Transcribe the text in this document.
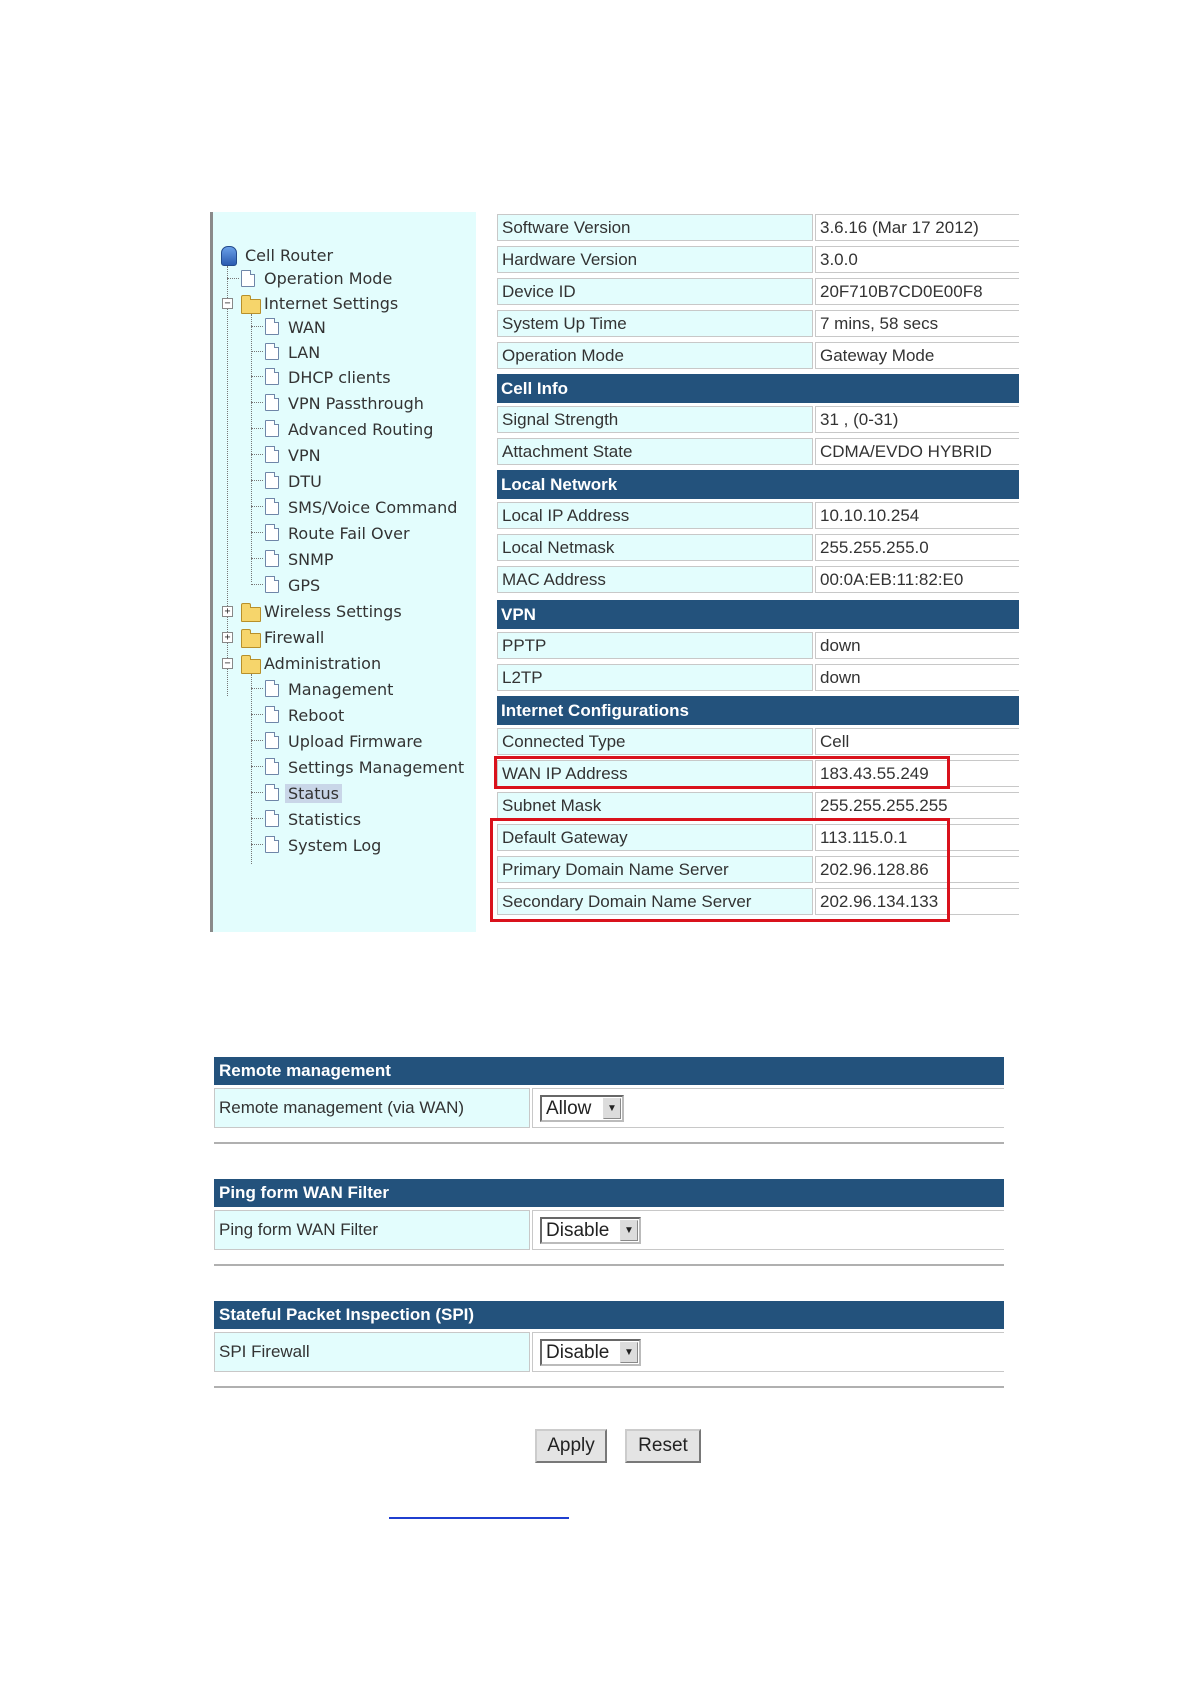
Cell Router
Operation Mode
− Internet Settings
WAN
LAN
DHCP clients
VPN Passthrough
Advanced Routing
VPN
DTU
SMS/Voice Command
Route Fail Over
SNMP
GPS
+ Wireless Settings
+ Firewall
− Administration
Management
Reboot
Upload Firmware
Settings Management
Status
Statistics
System Log
Software Version	3.6.16 (Mar 17 2012)
Hardware Version	3.0.0
Device ID	20F710B7CD0E00F8
System Up Time	7 mins, 58 secs
Operation Mode	Gateway Mode
Cell Info
Signal Strength	31 , (0-31)
Attachment State	CDMA/EVDO HYBRID
Local Network
Local IP Address	10.10.10.254
Local Netmask	255.255.255.0
MAC Address	00:0A:EB:11:82:E0
VPN
PPTP	down
L2TP	down
Internet Configurations
Connected Type	Cell
WAN IP Address	183.43.55.249
Subnet Mask	255.255.255.255
Default Gateway	113.115.0.1
Primary Domain Name Server	202.96.128.86
Secondary Domain Name Server	202.96.134.133
Remote management
Remote management (via WAN)	Allow	▼
Ping form WAN Filter
Ping form WAN Filter	Disable	▼
Stateful Packet Inspection (SPI)
SPI Firewall	Disable	▼
Apply	Reset
